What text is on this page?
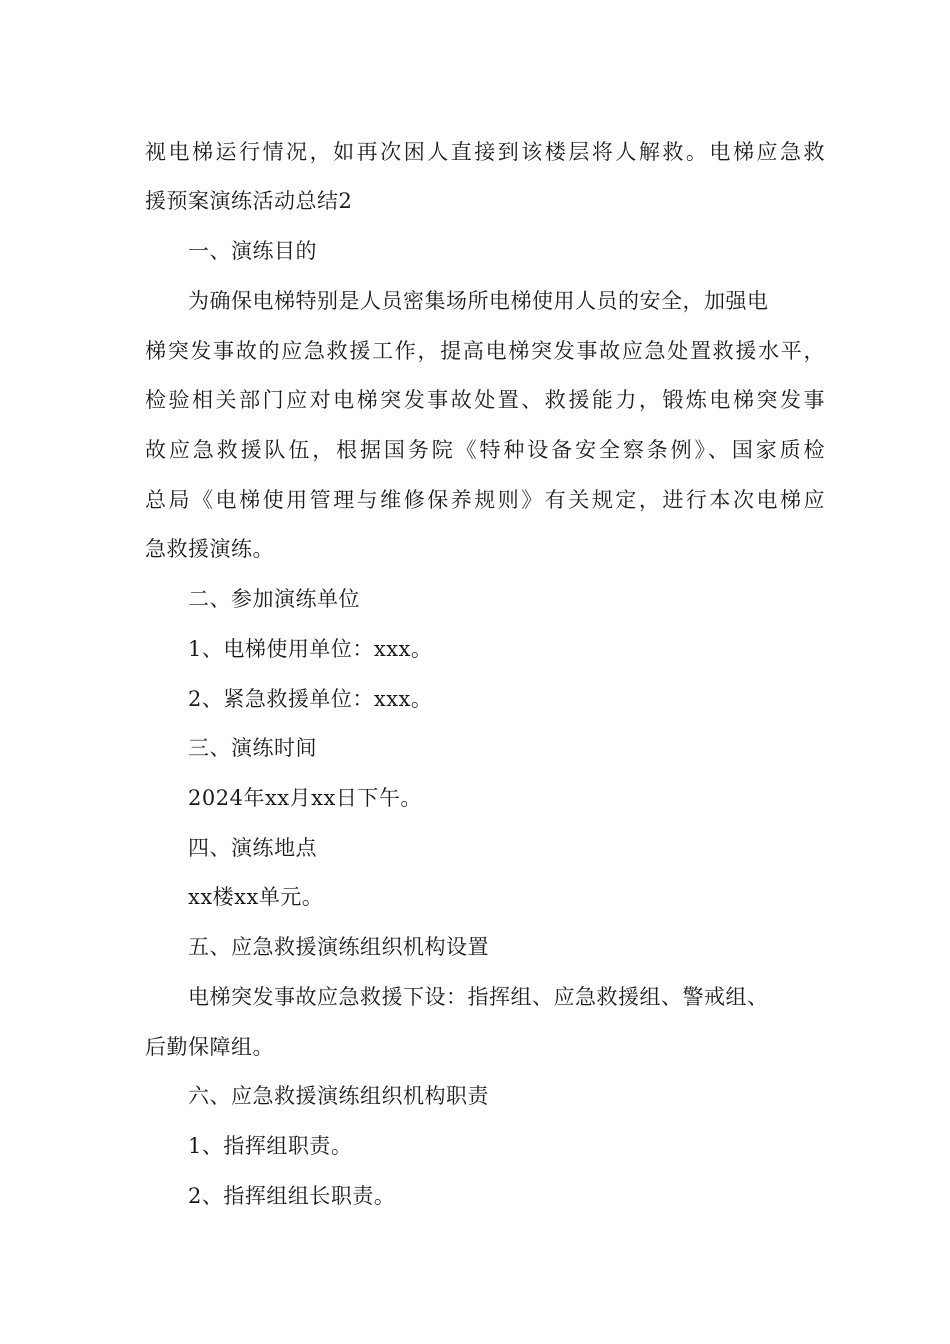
视电梯运行情况，如再次困人直接到该楼层将人解救。电梯应急救
援预案演练活动总结2
一、演练目的
为确保电梯特别是人员密集场所电梯使用人员的安全，加强电
梯突发事故的应急救援工作，提高电梯突发事故应急处置救援水平，
检验相关部门应对电梯突发事故处置、救援能力，锻炼电梯突发事
故应急救援队伍，根据国务院《特种设备安全察条例》、国家质检
总局《电梯使用管理与维修保养规则》有关规定，进行本次电梯应
急救援演练。
二、参加演练单位
1、电梯使用单位：xxx。
2、紧急救援单位：xxx。
三、演练时间
2024年xx月xx日下午。
四、演练地点
xx楼xx单元。
五、应急救援演练组织机构设置
电梯突发事故应急救援下设：指挥组、应急救援组、警戒组、
后勤保障组。
六、应急救援演练组织机构职责
1、指挥组职责。
2、指挥组组长职责。
